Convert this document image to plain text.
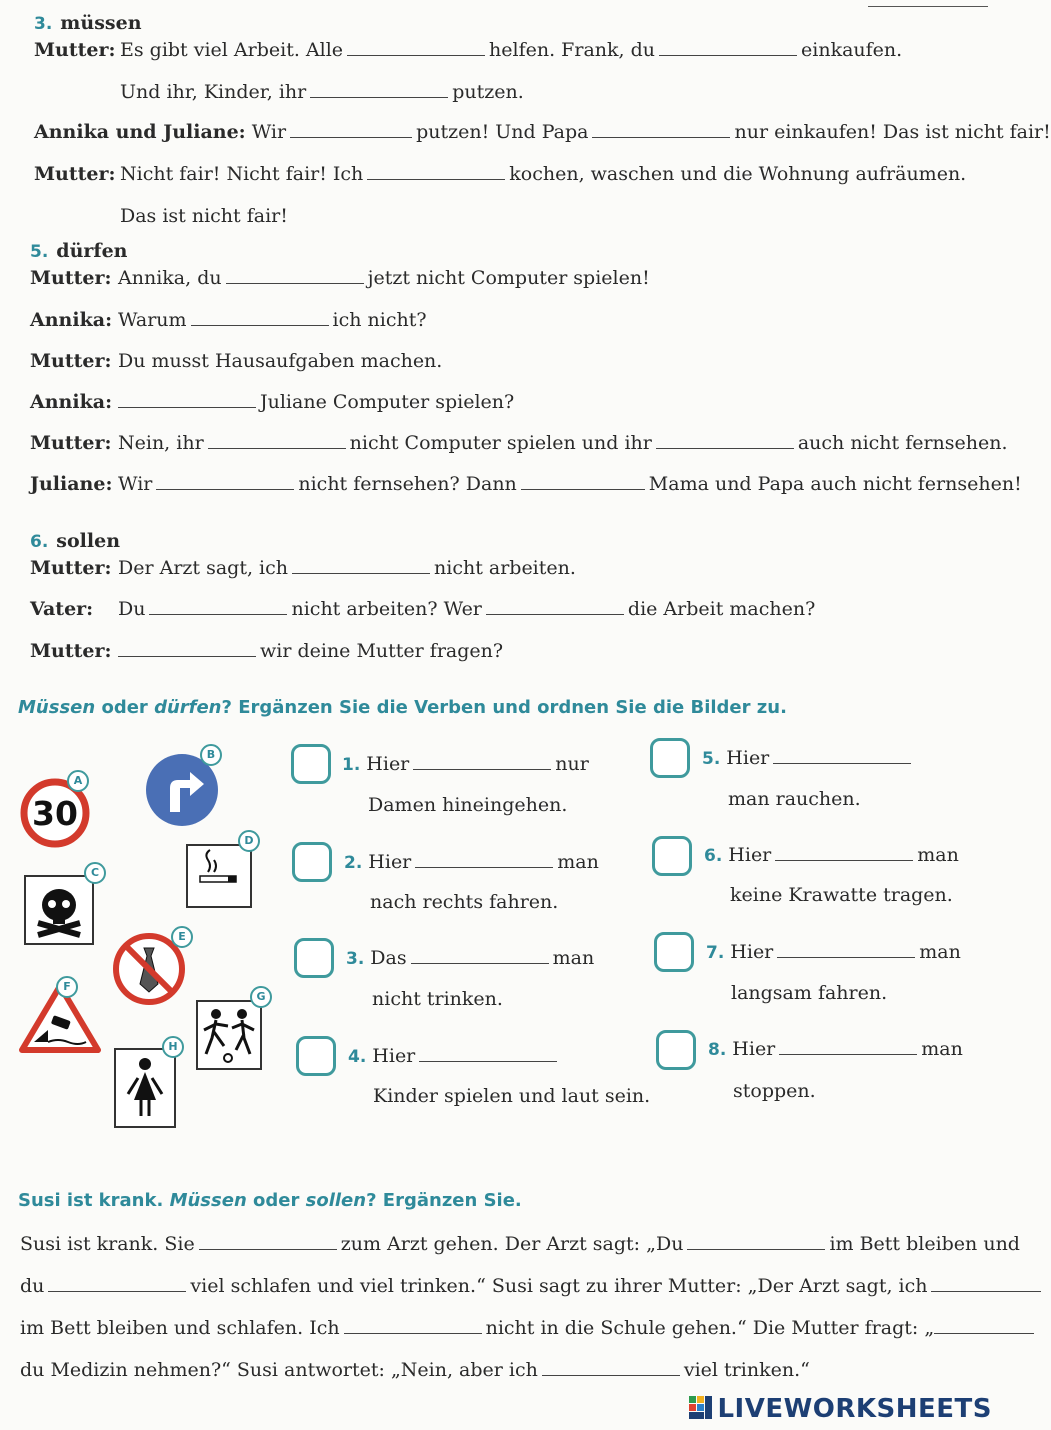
3. müssen
Mutter: Es gibt viel Arbeit. Alle	helfen. Frank, du	einkaufen.
Und ihr, Kinder, ihr	putzen.
Annika und Juliane: Wir	putzen! Und Papa	nur einkaufen! Das ist nicht fair!
Mutter: Nicht fair! Nicht fair! Ich	kochen, waschen und die Wohnung aufräumen.
Das ist nicht fair!
5. dürfen
Mutter: Annika, du	jetzt nicht Computer spielen!
Annika: Warum	ich nicht?
Mutter: Du musst Hausaufgaben machen.
Annika:	Juliane Computer spielen?
Mutter: Nein, ihr	nicht Computer spielen und ihr	auch nicht fernsehen.
Juliane: Wir	nicht fernsehen? Dann	Mama und Papa auch nicht fernsehen!
6. sollen
Mutter: Der Arzt sagt, ich	nicht arbeiten.
Vater: Du	nicht arbeiten? Wer	die Arbeit machen?
Mutter:	wir deine Mutter fragen?
Müssen oder dürfen? Ergänzen Sie die Verben und ordnen Sie die Bilder zu.
30
A
B
C
D
E
F
G
H
1. Hier	nur
Damen hineingehen.
2. Hier	man
nach rechts fahren.
3. Das	man
nicht trinken.
4. Hier
Kinder spielen und laut sein.
5. Hier
man rauchen.
6. Hier	man
keine Krawatte tragen.
7. Hier	man
langsam fahren.
8. Hier	man
stoppen.
Susi ist krank. Müssen oder sollen? Ergänzen Sie.
Susi ist krank. Sie	zum Arzt gehen. Der Arzt sagt: „Du	im Bett bleiben und
du	viel schlafen und viel trinken.“ Susi sagt zu ihrer Mutter: „Der Arzt sagt, ich
im Bett bleiben und schlafen. Ich	nicht in die Schule gehen.“ Die Mutter fragt: „
du Medizin nehmen?“ Susi antwortet: „Nein, aber ich	viel trinken.“
LIVEWORKSHEETS
